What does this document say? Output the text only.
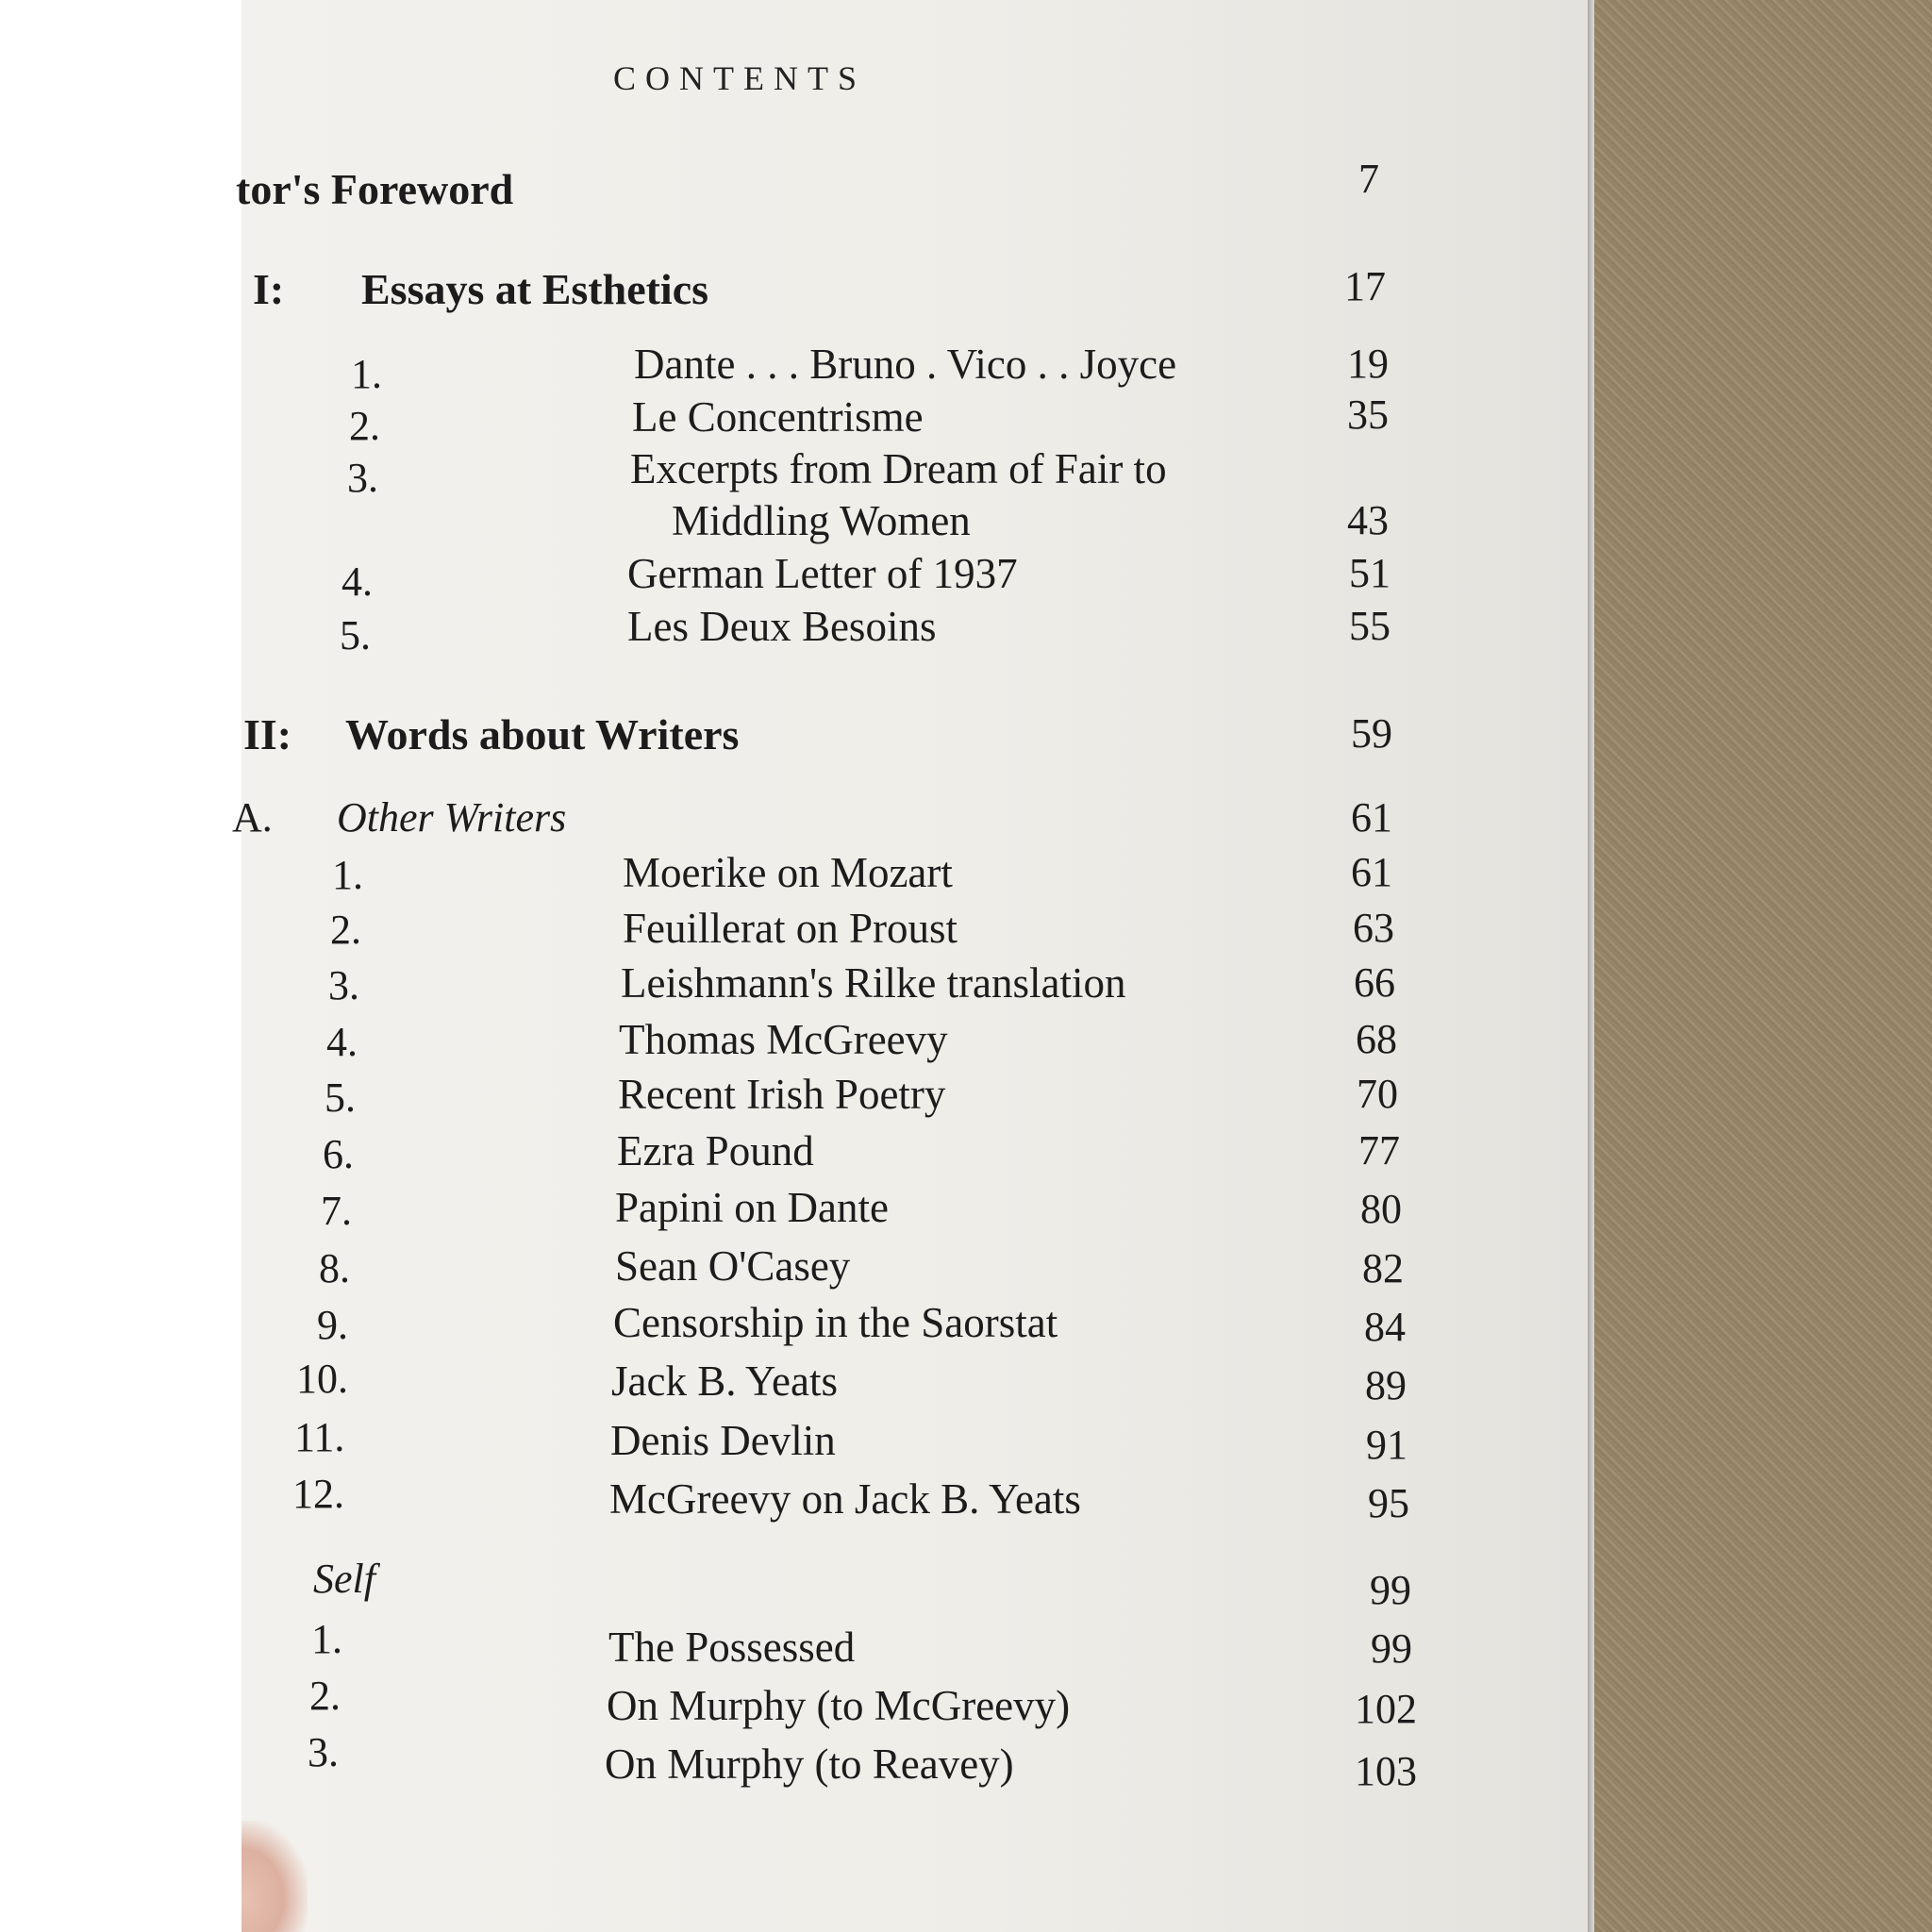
CONTENTS
tor's Foreword	7
I: Essays at Esthetics	17
1.	Dante . . . Bruno . Vico . . Joyce	19
2.	Le Concentrisme	35
3.	Excerpts from Dream of Fair to
Middling Women	43
4.	German Letter of 1937	51
5.	Les Deux Besoins	55
II: Words about Writers	59
A. Other Writers	61
1.	Moerike on Mozart	61
2.	Feuillerat on Proust	63
3.	Leishmann's Rilke translation	66
4.	Thomas McGreevy	68
5.	Recent Irish Poetry	70
6.	Ezra Pound	77
7.	Papini on Dante	80
8.	Sean O'Casey	82
9.	Censorship in the Saorstat	84
10.	Jack B. Yeats	89
11.	Denis Devlin	91
12.	McGreevy on Jack B. Yeats	95
Self	99
1.	The Possessed	99
2.	On Murphy (to McGreevy)	102
3.	On Murphy (to Reavey)	103
